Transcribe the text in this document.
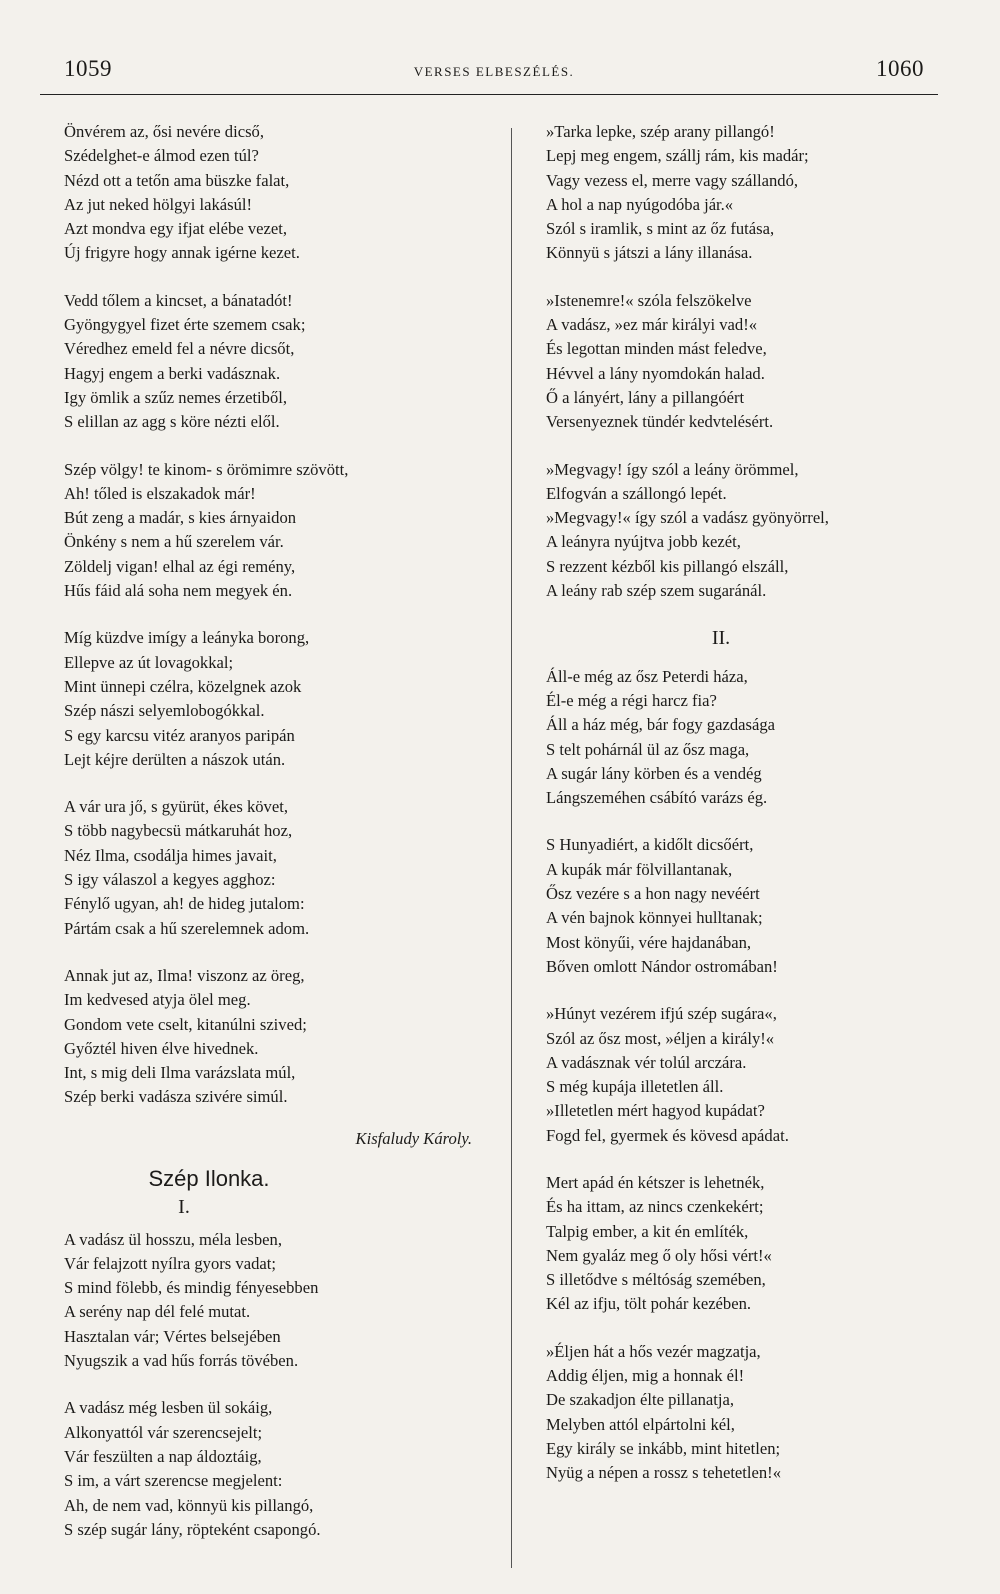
1059	VERSES ELBESZÉLÉS.	1060
Önvérem az, ősi nevére dicső,
Szédelghet-e álmod ezen túl?
Nézd ott a tetőn ama büszke falat,
Az jut neked hölgyi lakásúl!
Azt mondva egy ifjat elébe vezet,
Új frigyre hogy annak igérne kezet.
Vedd tőlem a kincset, a bánatadót!
Gyöngygyel fizet érte szemem csak;
Véredhez emeld fel a névre dicsőt,
Hagyj engem a berki vadásznak.
Igy ömlik a szűz nemes érzetiből,
S elillan az agg s köre nézti elől.
Szép völgy! te kinom- s örömimre szövött,
Ah! tőled is elszakadok már!
Bút zeng a madár, s kies árnyaidon
Önkény s nem a hű szerelem vár.
Zöldelj vigan! elhal az égi remény,
Hűs fáid alá soha nem megyek én.
Míg küzdve imígy a leányka borong,
Ellepve az út lovagokkal;
Mint ünnepi czélra, közelgnek azok
Szép nászi selyemlobogókkal.
S egy karcsu vitéz aranyos paripán
Lejt kéjre derülten a nászok után.
A vár ura jő, s gyürüt, ékes követ,
S több nagybecsü mátkaruhát hoz,
Néz Ilma, csodálja himes javait,
S igy válaszol a kegyes agghoz:
Fénylő ugyan, ah! de hideg jutalom:
Pártám csak a hű szerelemnek adom.
Annak jut az, Ilma! viszonz az öreg,
Im kedvesed atyja ölel meg.
Gondom vete cselt, kitanúlni szived;
Győztél hiven élve hivednek.
Int, s mig deli Ilma varázslata múl,
Szép berki vadásza szivére simúl.
Kisfaludy Károly.
Szép Ilonka.
I.
A vadász ül hosszu, méla lesben,
Vár felajzott nyílra gyors vadat;
S mind fölebb, és mindig fényesebben
A serény nap dél felé mutat.
Hasztalan vár; Vértes belsejében
Nyugszik a vad hűs forrás tövében.
A vadász még lesben ül sokáig,
Alkonyattól vár szerencsejelt;
Vár feszülten a nap áldoztáig,
S im, a várt szerencse megjelent:
Ah, de nem vad, könnyü kis pillangó,
S szép sugár lány, röpteként csapongó.
»Tarka lepke, szép arany pillangó!
Lepj meg engem, szállj rám, kis madár;
Vagy vezess el, merre vagy szállandó,
A hol a nap nyúgodóba jár.«
Szól s iramlik, s mint az őz futása,
Könnyü s játszi a lány illanása.
»Istenemre!« szóla felszökelve
A vadász, »ez már királyi vad!«
És legottan minden mást feledve,
Hévvel a lány nyomdokán halad.
Ő a lányért, lány a pillangóért
Versenyeznek tündér kedvtelésért.
»Megvagy! így szól a leány örömmel,
Elfogván a szállongó lepét.
»Megvagy!« így szól a vadász gyönyörrel,
A leányra nyújtva jobb kezét,
S rezzent kézből kis pillangó elszáll,
A leány rab szép szem sugaránál.
II.
Áll-e még az ősz Peterdi háza,
Él-e még a régi harcz fia?
Áll a ház még, bár fogy gazdasága
S telt pohárnál ül az ősz maga,
A sugár lány körben és a vendég
Lángszeméhen csábító varázs ég.
S Hunyadiért, a kidőlt dicsőért,
A kupák már fölvillantanak,
Ősz vezére s a hon nagy nevéért
A vén bajnok könnyei hulltanak;
Most könyűi, vére hajdanában,
Bőven omlott Nándor ostromában!
»Húnyt vezérem ifjú szép sugára«,
Szól az ősz most, »éljen a király!«
A vadásznak vér tolúl arczára.
S még kupája illetetlen áll.
»Illetetlen mért hagyod kupádat?
Fogd fel, gyermek és kövesd apádat.
Mert apád én kétszer is lehetnék,
És ha ittam, az nincs czenkekért;
Talpig ember, a kit én említék,
Nem gyaláz meg ő oly hősi vért!«
S illetődve s méltóság szemében,
Kél az ifju, tölt pohár kezében.
»Éljen hát a hős vezér magzatja,
Addig éljen, mig a honnak él!
De szakadjon élte pillanatja,
Melyben attól elpártolni kél,
Egy király se inkább, mint hitetlen;
Nyüg a népen a rossz s tehetetlen!«
